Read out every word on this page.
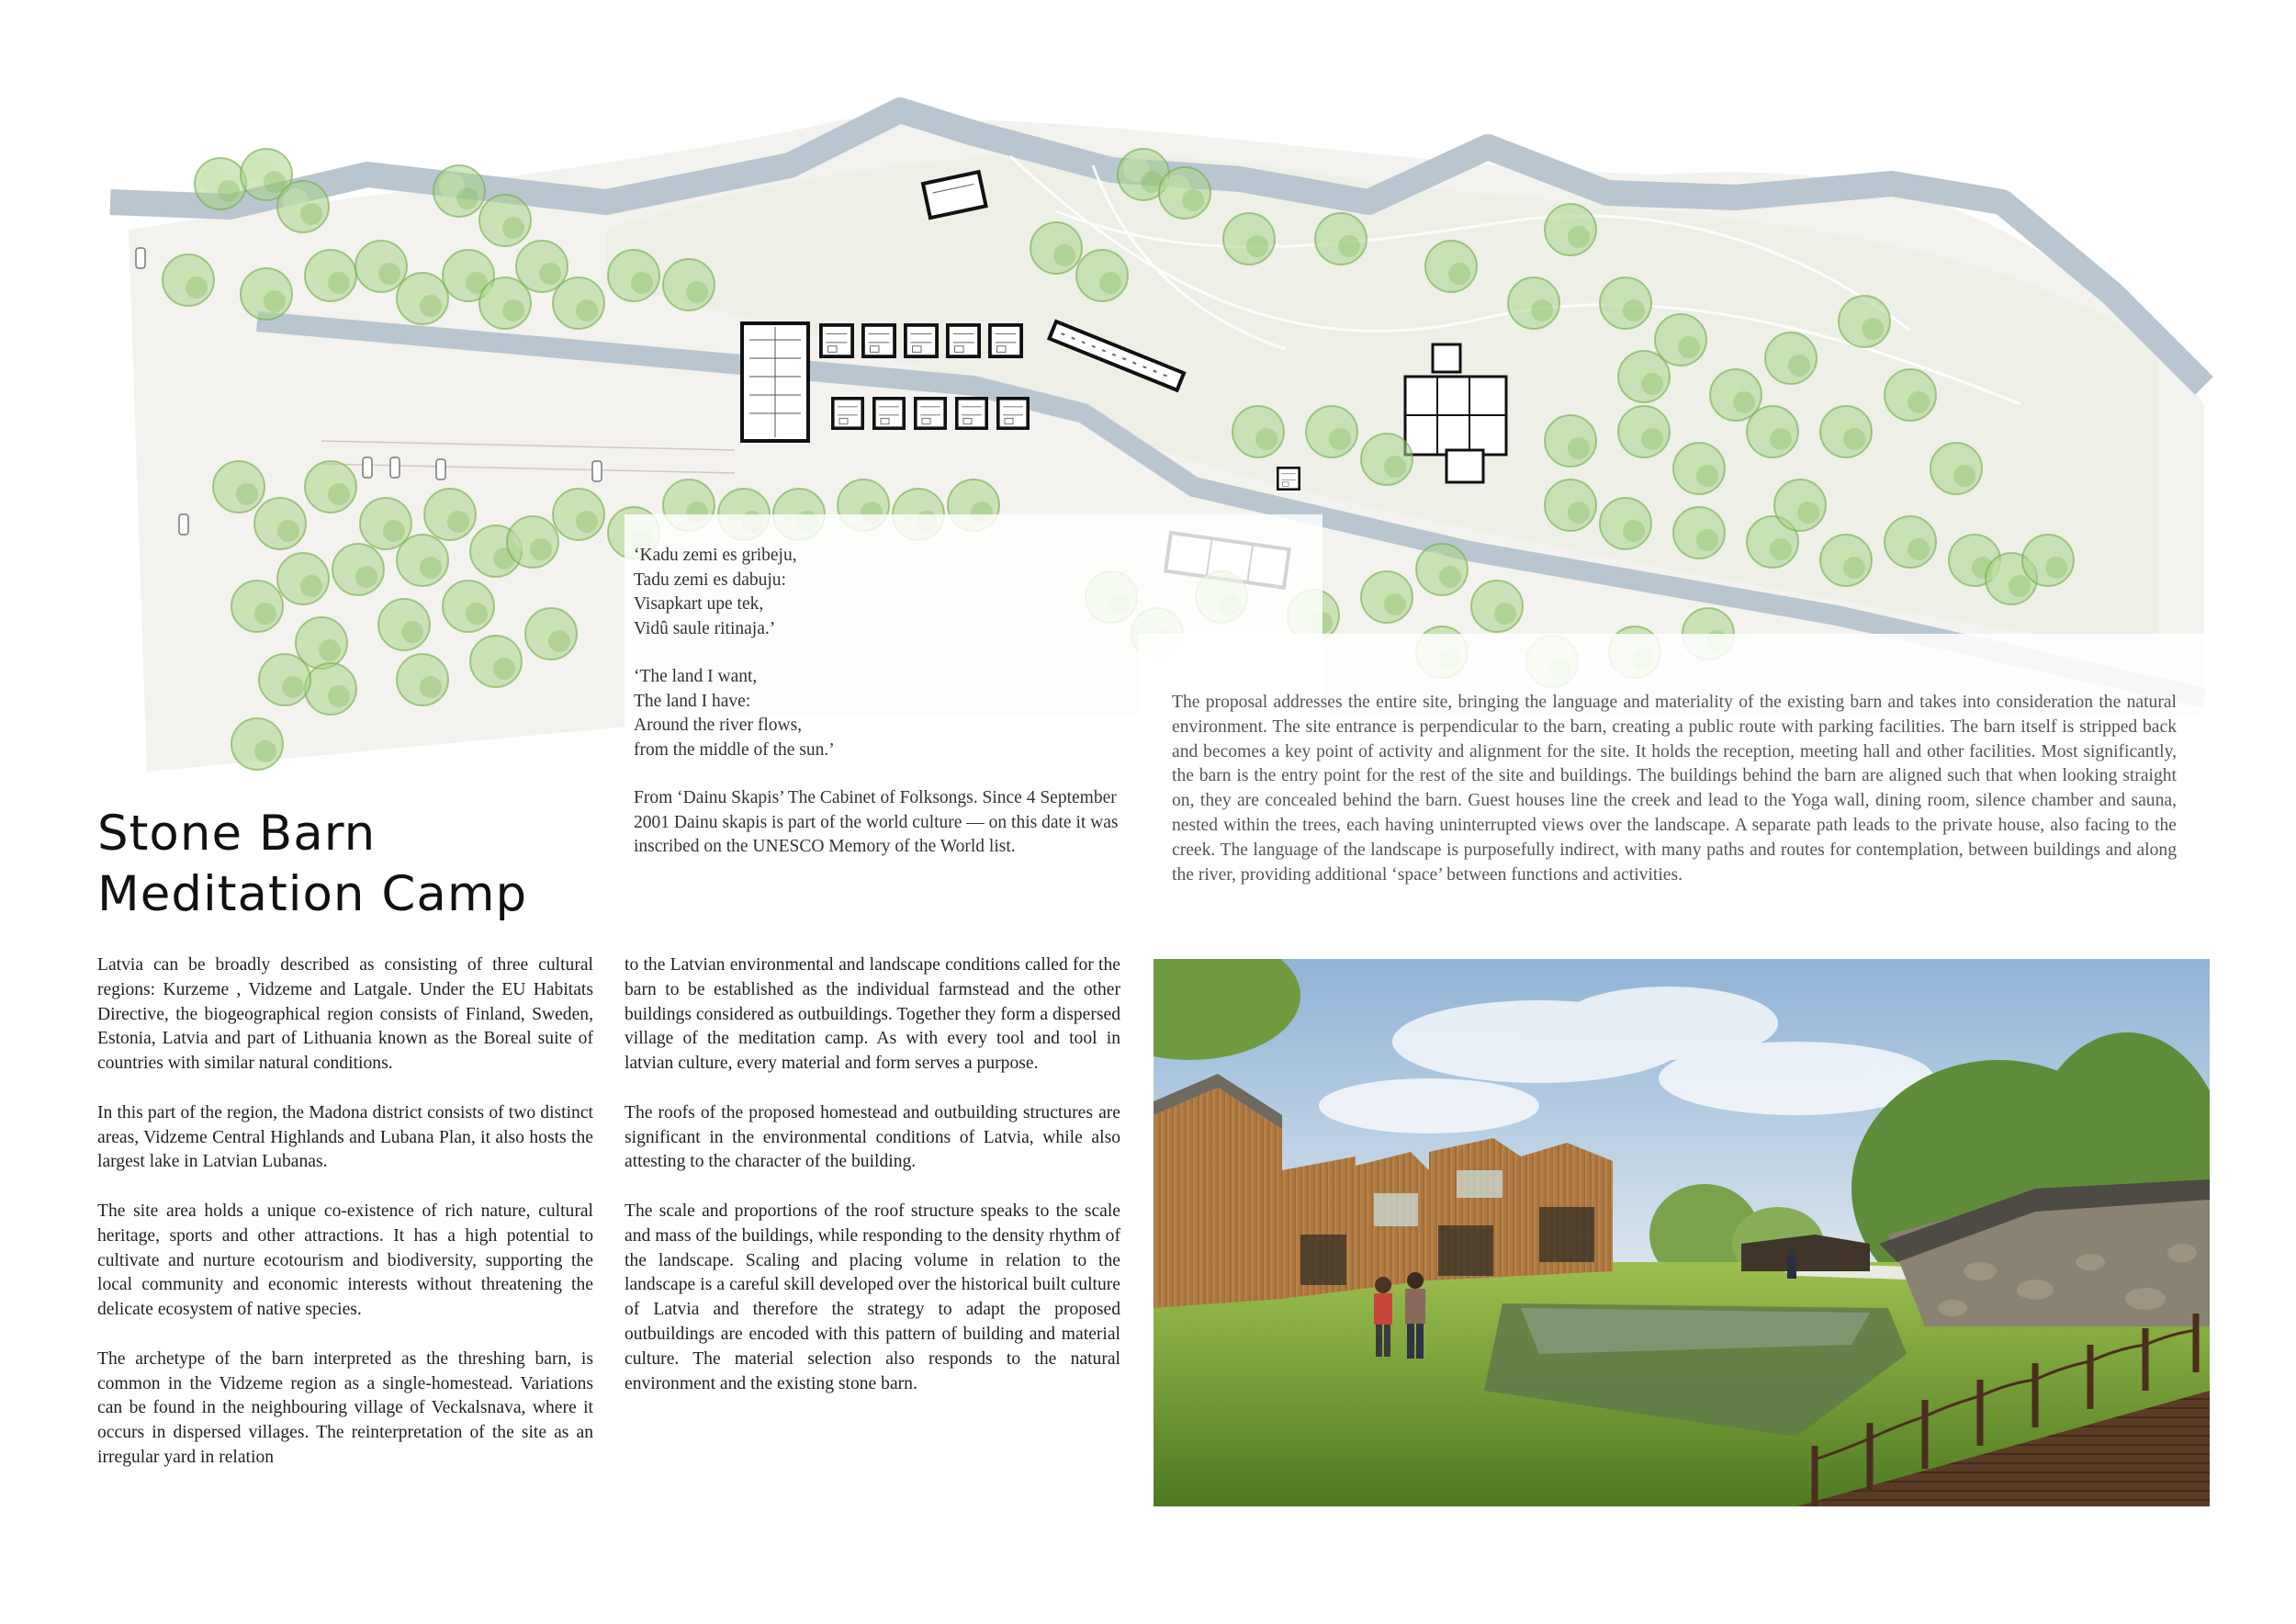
Stone Barn
Meditation Camp

‘Kadu zemi es gribeju,
Tadu zemi es dabuju:
Visapkart upe tek,
Vidû saule ritinaja.’

‘The land I want,
The land I have:
Around the river flows,
from the middle of the sun.’

From ‘Dainu Skapis’ The Cabinet of Folksongs. Since 4 September 2001 Dainu skapis is part of the world culture — on this date it was inscribed on the UNESCO Memory of the World list.

The proposal addresses the entire site, bringing the language and materiality of the existing barn and takes into consideration the natural environment. The site entrance is perpendicular to the barn, creating a public route with parking facilities. The barn itself is stripped back and becomes a key point of activity and alignment for the site. It holds the reception, meeting hall and other facilities. Most significantly, the barn is the entry point for the rest of the site and buildings. The buildings behind the barn are aligned such that when looking straight on, they are concealed behind the barn. Guest houses line the creek and lead to the Yoga wall, dining room, silence chamber and sauna, nested within the trees, each having uninterrupted views over the landscape. A separate path leads to the private house, also facing to the creek. The language of the landscape is purposefully indirect, with many paths and routes for contemplation, between buildings and along the river, providing additional ‘space’ between functions and activities.

Latvia can be broadly described as consisting of three cultural regions: Kurzeme , Vidzeme and Latgale. Under the EU Habitats Directive, the biogeographical region consists of Finland, Sweden, Estonia, Latvia and part of Lithuania known as the Boreal suite of countries with similar natural conditions.

In this part of the region, the Madona district consists of two distinct areas, Vidzeme Central Highlands and Lubana Plan, it also hosts the largest lake in Latvian Lubanas.

The site area holds a unique co-existence of rich nature, cultural heritage, sports and other attractions. It has a high potential to cultivate and nurture ecotourism and biodiversity, supporting the local community and economic interests without threatening the delicate ecosystem of native species.

The archetype of the barn interpreted as the threshing barn, is common in the Vidzeme region as a single-homestead. Variations can be found in the neighbouring village of Veckalsnava, where it occurs in dispersed villages. The reinterpretation of the site as an irregular yard in relation

to the Latvian environmental and landscape conditions called for the barn to be established as the individual farmstead and the other buildings considered as outbuildings. Together they form a dispersed village of the meditation camp. As with every tool and tool in latvian culture, every material and form serves a purpose.

The roofs of the proposed homestead and outbuilding structures are significant in the environmental conditions of Latvia, while also attesting to the character of the building.

The scale and proportions of the roof structure speaks to the scale and mass of the buildings, while responding to the density rhythm of the landscape. Scaling and placing volume in relation to the landscape is a careful skill developed over the historical built culture of Latvia and therefore the strategy to adapt the proposed outbuildings are encoded with this pattern of building and material culture. The material selection also responds to the natural environment and the existing stone barn.
